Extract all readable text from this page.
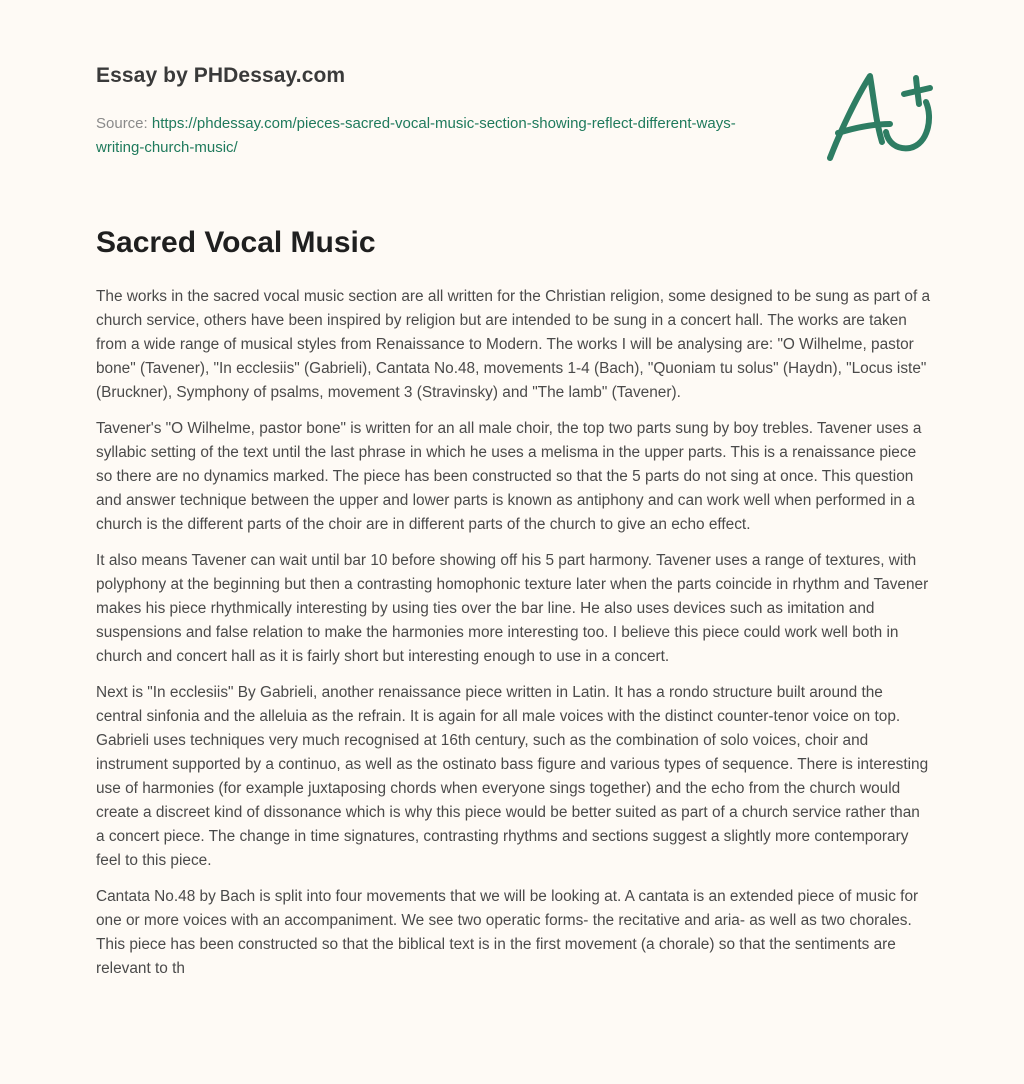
Essay by PHDessay.com
Source: https://phdessay.com/pieces-sacred-vocal-music-section-showing-reflect-different-ways-writing-church-music/
Sacred Vocal Music

The works in the sacred vocal music section are all written for the Christian religion, some designed to be sung as part of a church service, others have been inspired by religion but are intended to be sung in a concert hall. The works are taken from a wide range of musical styles from Renaissance to Modern. The works I will be analysing are: "O Wilhelme, pastor bone" (Tavener), "In ecclesiis" (Gabrieli), Cantata No.48, movements 1-4 (Bach), "Quoniam tu solus" (Haydn), "Locus iste" (Bruckner), Symphony of psalms, movement 3 (Stravinsky) and "The lamb" (Tavener).

Tavener's "O Wilhelme, pastor bone" is written for an all male choir, the top two parts sung by boy trebles. Tavener uses a syllabic setting of the text until the last phrase in which he uses a melisma in the upper parts. This is a renaissance piece so there are no dynamics marked. The piece has been constructed so that the 5 parts do not sing at once. This question and answer technique between the upper and lower parts is known as antiphony and can work well when performed in a church is the different parts of the choir are in different parts of the church to give an echo effect.

It also means Tavener can wait until bar 10 before showing off his 5 part harmony. Tavener uses a range of textures, with polyphony at the beginning but then a contrasting homophonic texture later when the parts coincide in rhythm and Tavener makes his piece rhythmically interesting by using ties over the bar line. He also uses devices such as imitation and suspensions and false relation to make the harmonies more interesting too. I believe this piece could work well both in church and concert hall as it is fairly short but interesting enough to use in a concert.

Next is "In ecclesiis" By Gabrieli, another renaissance piece written in Latin. It has a rondo structure built around the central sinfonia and the alleluia as the refrain. It is again for all male voices with the distinct counter-tenor voice on top. Gabrieli uses techniques very much recognised at 16th century, such as the combination of solo voices, choir and instrument supported by a continuo, as well as the ostinato bass figure and various types of sequence. There is interesting use of harmonies (for example juxtaposing chords when everyone sings together) and the echo from the church would create a discreet kind of dissonance which is why this piece would be better suited as part of a church service rather than a concert piece. The change in time signatures, contrasting rhythms and sections suggest a slightly more contemporary feel to this piece.

Cantata No.48 by Bach is split into four movements that we will be looking at. A cantata is an extended piece of music for one or more voices with an accompaniment. We see two operatic forms- the recitative and aria- as well as two chorales. This piece has been constructed so that the biblical text is in the first movement (a chorale) so that the sentiments are relevant to th
